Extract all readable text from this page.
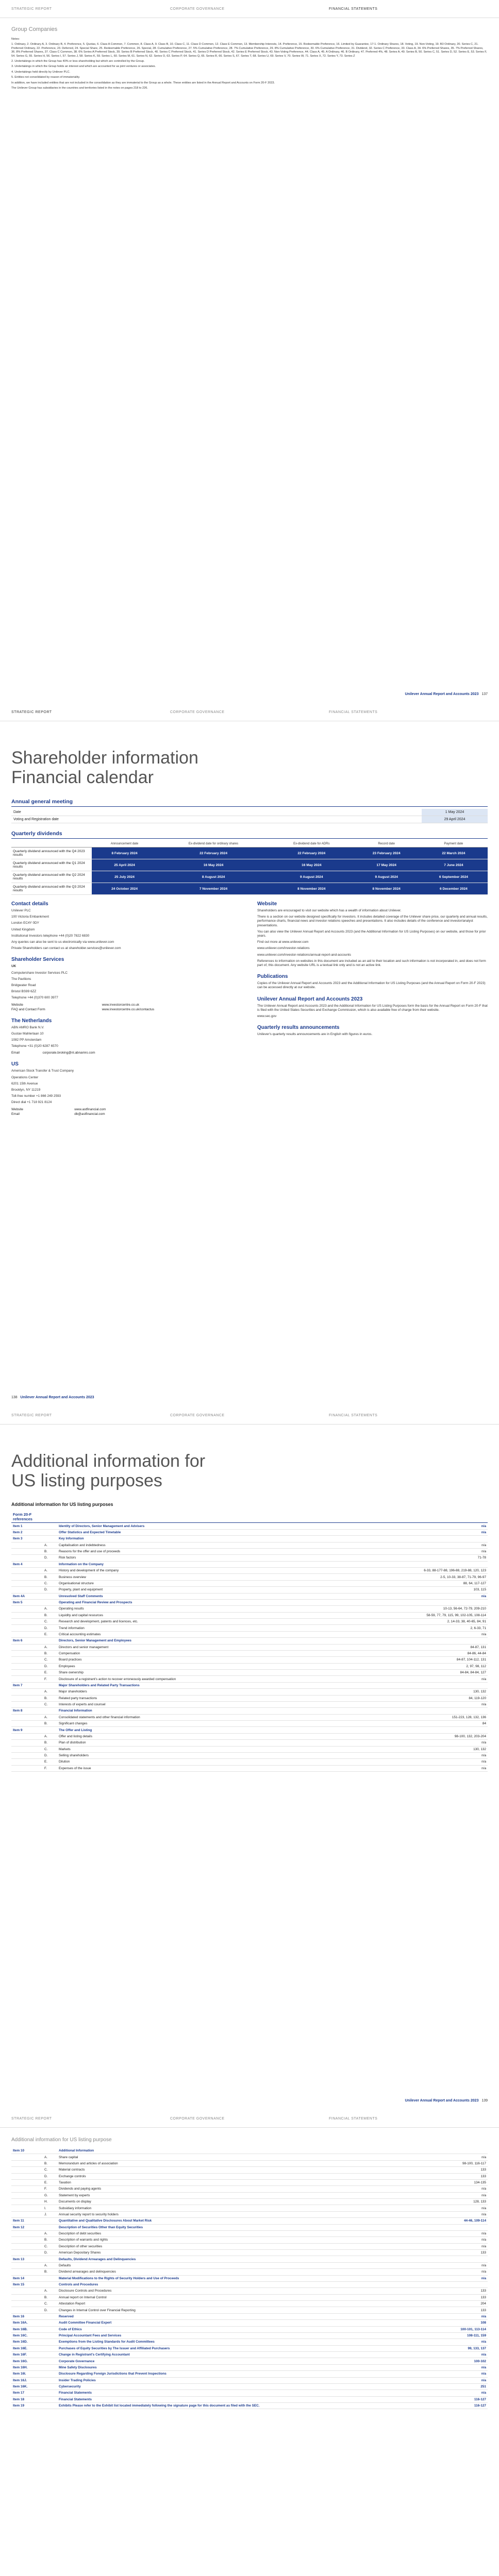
STRATEGIC REPORT	CORPORATE GOVERNANCE	FINANCIAL STATEMENTS
Group Companies

Notes:

1. Ordinary, 2. Ordinary A, 3. Ordinary B, 4. Preference, 5. Quotas, 6. Class A Common, 7. Common, 8. Class A, 9. Class B, 10. Class C, 11. Class D Common, 12. Class E Common, 13. Membership Interests, 14. Preference, 15. Redeemable Preference, 16. Limited by Guarantee, 17-1. Ordinary Shares, 18. Voting, 19. Non-Voting, 19. B3 Ordinary, 20. Series C, 21. Preferred Ordinary, 22. Preference, 23. Deferred, 24. Special Share, 25. Redeemable Preference, 26. Special, 28. Cumulative Preference, 27. 5% Cumulative Preference, 28. 7% Cumulative Preference, 29. 8% Cumulative Preference, 30. 6% Cumulative Preference, 31. Dividend, 32. Series C Preference, 33. Class A, 34. 6% Preferred Shares, 35. 7% Preferred Shares, 36. 8% Preferred Shares, 37. Class C Common, 38. 6% Series A Preferred Stock, 39. Series B Preferred Stock, 40. Series C Preferred Stock, 41. Series D Preferred Stock, 42. Series E Preferred Stock, 43. Non-Voting Preference, 44. Class A, 45. A Ordinary, 46. B Ordinary, 47. Preferred 4%, 48. Series A, 49. Series B, 50. Series C, 51. Series D, 52. Series E, 53. Series F, 54. Series G, 55. Series H, 56. Series I, 57. Series J, 58. Series K, 59. Series L, 60. Series M, 61. Series N, 62. Series O, 63. Series P, 64. Series Q, 65. Series R, 66. Series S, 67. Series T, 68. Series U, 69. Series V, 70. Series W, 71. Series X, 72. Series Y, 73. Series Z

2. Undertakings in which the Group has 40% or less shareholding but which are controlled by the Group.

3. Undertakings in which the Group holds an interest and which are accounted for as joint ventures or associates.

4. Undertakings held directly by Unilever PLC.

5. Entities not consolidated by reason of immateriality.

In addition, we have included entities that are not included in the consolidation as they are immaterial to the Group as a whole. These entities are listed in the Annual Report and Accounts on Form 20-F 2023.

The Unilever Group has subsidiaries in the countries and territories listed in the notes on pages 218 to 226.

Unilever Annual Report and Accounts 2023 137
STRATEGIC REPORT	CORPORATE GOVERNANCE	FINANCIAL STATEMENTS
Shareholder information
Financial calendar
Annual general meeting
Date	1 May 2024
Voting and Registration date	29 April 2024
Quarterly dividends
	Announcement date	Ex-dividend date for ordinary shares	Ex-dividend date for ADRs	Record date	Payment date
Quarterly dividend announced with the Q4 2023 results	8 February 2024	22 February 2024	22 February 2024	23 February 2024	22 March 2024
Quarterly dividend announced with the Q1 2024 results	25 April 2024	16 May 2024	16 May 2024	17 May 2024	7 June 2024
Quarterly dividend announced with the Q2 2024 results	25 July 2024	8 August 2024	9 August 2024	9 August 2024	6 September 2024
Quarterly dividend announced with the Q3 2024 results	24 October 2024	7 November 2024	8 November 2024	8 November 2024	6 December 2024
Contact details

Unilever PLC

100 Victoria Embankment

London EC4Y 0DY

United Kingdom

Institutional Investors telephone +44 (0)20 7822 6830

Any queries can also be sent to us electronically via www.unilever.com

Private Shareholders can contact us at shareholder.services@unilever.com

Shareholder Services

UK

Computershare Investor Services PLC

The Pavilions

Bridgwater Road

Bristol BS99 6ZZ

Telephone +44 (0)370 600 3977

Website	www.investorcentre.co.uk
FAQ and Contact Form	www.investorcentre.co.uk/contactus
The Netherlands

ABN AMRO Bank N.V.

Gustav Mahlerlaan 10

1082 PP Amsterdam

Telephone +31 (0)20 6287 6570

Email	corporate.broking@nl.abnamro.com
US

American Stock Transfer & Trust Company

Operations Center

6201 15th Avenue

Brooklyn, NY 11219

Toll-free number +1 866 249 2593

Direct dial +1 718 921 8124

Website	www.astfinancial.com
Email	db@astfinancial.com
Website

Shareholders are encouraged to visit our website which has a wealth of information about Unilever.

There is a section on our website designed specifically for investors. It includes detailed coverage of the Unilever share price, our quarterly and annual results, performance charts, financial news and investor relations speeches and presentations. It also includes details of the conference and investor/analyst presentations.

You can also view the Unilever Annual Report and Accounts 2023 (and the Additional Information for US Listing Purposes) on our website, and those for prior years.

Find out more at www.unilever.com

www.unilever.com/investor-relations

www.unilever.com/investor-relations/annual-report-and-accounts

References to information on websites in this document are included as an aid to their location and such information is not incorporated in, and does not form part of, this document. Any website URL is a textual link only and is not an active link.

Publications

Copies of the Unilever Annual Report and Accounts 2023 and the Additional Information for US Listing Purposes (and the Annual Report on Form 20-F 2023) can be accessed directly at our website.

Unilever Annual Report and Accounts 2023

The Unilever Annual Report and Accounts 2023 and the Additional Information for US Listing Purposes form the basis for the Annual Report on Form 20-F that is filed with the United States Securities and Exchange Commission, which is also available free of charge from their website.

www.sec.gov

Quarterly results announcements

Unilever's quarterly results announcements are in English with figures in euros.

138 Unilever Annual Report and Accounts 2023
STRATEGIC REPORT	CORPORATE GOVERNANCE	FINANCIAL STATEMENTS
Additional information for
US listing purposes
Additional information for US listing purposes
Form 20-F references			
Item 1		Identity of Directors, Senior Management and Advisers	n/a
Item 2		Offer Statistics and Expected Timetable	n/a
Item 3		Key Information	
	A.	Capitalisation and indebtedness	n/a
	B.	Reasons for the offer and use of proceeds	n/a
	D.	Risk factors	71-78
Item 4		Information on the Company	
	A.	History and development of the company	6-33, 88-177-88, 196-88, 219-88, 120, 123
	B.	Business overview	2-5, 10-33, 38-87, 71-79, 96-97
	C.	Organisational structure	88, 64, 117-127
	D.	Property, plant and equipment	103, 115
Item 4A		Unresolved Staff Comments	n/a
Item 5		Operating and Financial Review and Prospects	
	A.	Operating results	10-13, 56-64, 72-79, 209-210
	B.	Liquidity and capital resources	58-59, 77, 79, 115, 99, 102-105, 108-114
	C.	Research and development, patents and licences, etc.	2, 14-33, 38, 40-65, 84, 91
	D.	Trend information	2, 6-33, 71
	E.	Critical accounting estimates	n/a
Item 6		Directors, Senior Management and Employees	
	A.	Directors and senior management	84-87, 131
	B.	Compensation	84-86, 44-84
	C.	Board practices	84-87, 104-112, 131
	D.	Employees	2, 97, 98, 112
	E.	Share ownership	84-84, 84-84, 127
	F.	Disclosure of a registrant's action to recover erroneously awarded compensation	n/a
Item 7		Major Shareholders and Related Party Transactions	
	A.	Major shareholders	130, 132
	B.	Related party transactions	84, 119-120
	C.	Interests of experts and counsel	n/a
Item 8		Financial Information	
	A.	Consolidated statements and other financial information	151-223, 128, 132, 136
	B.	Significant changes	84
Item 9		The Offer and Listing	
	A.	Offer and listing details	98-100, 132, 203-204
	B.	Plan of distribution	n/a
	C.	Markets	130, 132
	D.	Selling shareholders	n/a
	E.	Dilution	n/a
	F.	Expenses of the issue	n/a
Unilever Annual Report and Accounts 2023 139
STRATEGIC REPORT	CORPORATE GOVERNANCE	FINANCIAL STATEMENTS
Additional information for US listing purpose
Item 10		Additional Information	
	A.	Share capital	n/a
	B.	Memorandum and articles of association	98-100, 116-117
	C.	Material contracts	133
	D.	Exchange controls	133
	E.	Taxation	134-135
	F.	Dividends and paying agents	n/a
	G.	Statement by experts	n/a
	H.	Documents on display	128, 133
	I.	Subsidiary information	n/a
	J.	Annual security report to security holders	n/a
Item 11		Quantitative and Qualitative Disclosures About Market Risk	44-46, 109-114
Item 12		Description of Securities Other than Equity Securities	
	A.	Description of debt securities	n/a
	B.	Description of warrants and rights	n/a
	C.	Description of other securities	n/a
	D.	American Depositary Shares	133
Item 13		Defaults, Dividend Arrearages and Delinquencies	
	A.	Defaults	n/a
	B.	Dividend arrearages and delinquencies	n/a
Item 14		Material Modifications to the Rights of Security Holders and Use of Proceeds	n/a
Item 15		Controls and Procedures	
	A.	Disclosure Controls and Procedures	133
	B.	Annual report on Internal Control	133
	C.	Attestation Report	204
	D.	Changes in Internal Control over Financial Reporting	133
Item 16		Reserved	n/a
Item 16A.		Audit Committee Financial Expert	108
Item 16B.		Code of Ethics	100-101, 113-114
Item 16C.		Principal Accountant Fees and Services	108-111, 159
Item 16D.		Exemptions from the Listing Standards for Audit Committees	n/a
Item 16E.		Purchases of Equity Securities by The Issuer and Affiliated Purchasers	99, 133, 137
Item 16F.		Change in Registrant's Certifying Accountant	n/a
Item 16G.		Corporate Governance	100-102
Item 16H.		Mine Safety Disclosures	n/a
Item 16I.		Disclosure Regarding Foreign Jurisdictions that Prevent Inspections	n/a
Item 16J.		Insider Trading Policies	n/a
Item 16K.		Cybersecurity	251
Item 17		Financial Statements	n/a
Item 18		Financial Statements	116-127
Item 19		Exhibits Please refer to the Exhibit list located immediately following the signature page for this document as filed with the SEC.	116-127
